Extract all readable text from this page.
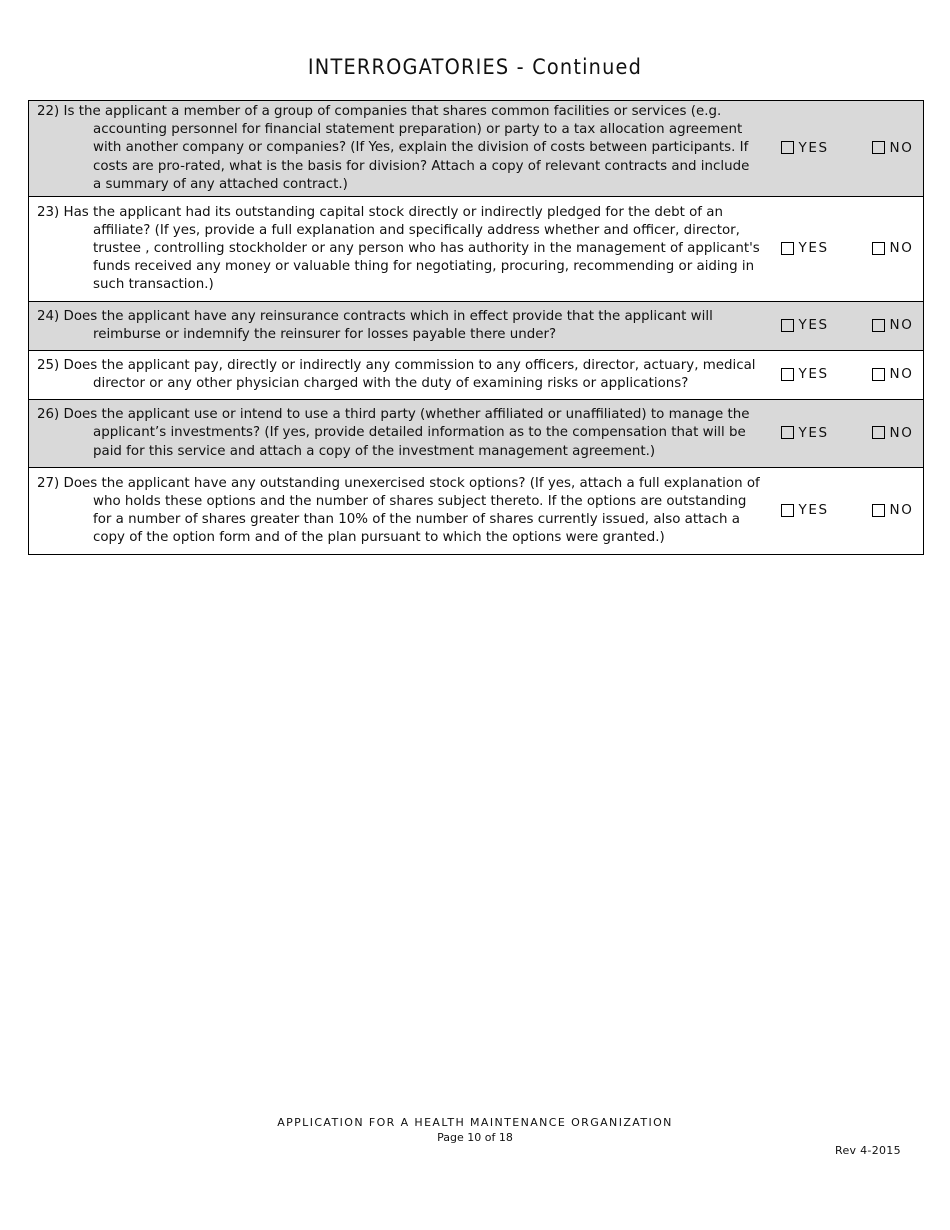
INTERROGATORIES - Continued
22) Is the applicant a member of a group of companies that shares common facilities or services (e.g. accounting personnel for financial statement preparation) or party to a tax allocation agreement with another company or companies? (If Yes, explain the division of costs between participants. If costs are pro-rated, what is the basis for division? Attach a copy of relevant contracts and include a summary of any attached contract.)	YES	NO

23) Has the applicant had its outstanding capital stock directly or indirectly pledged for the debt of an affiliate? (If yes, provide a full explanation and specifically address whether and officer, director, trustee , controlling stockholder or any person who has authority in the management of applicant's funds received any money or valuable thing for negotiating, procuring, recommending or aiding in such transaction.)	YES	NO

24) Does the applicant have any reinsurance contracts which in effect provide that the applicant will reimburse or indemnify the reinsurer for losses payable there under?	YES	NO

25) Does the applicant pay, directly or indirectly any commission to any officers, director, actuary, medical director or any other physician charged with the duty of examining risks or applications?	YES	NO

26) Does the applicant use or intend to use a third party (whether affiliated or unaffiliated) to manage the applicant’s investments? (If yes, provide detailed information as to the compensation that will be paid for this service and attach a copy of the investment management agreement.)	YES	NO

27) Does the applicant have any outstanding unexercised stock options? (If yes, attach a full explanation of who holds these options and the number of shares subject thereto. If the options are outstanding for a number of shares greater than 10% of the number of shares currently issued, also attach a copy of the option form and of the plan pursuant to which the options were granted.)	YES	NO
APPLICATION FOR A HEALTH MAINTENANCE ORGANIZATION
Page 10 of 18
Rev 4-2015
